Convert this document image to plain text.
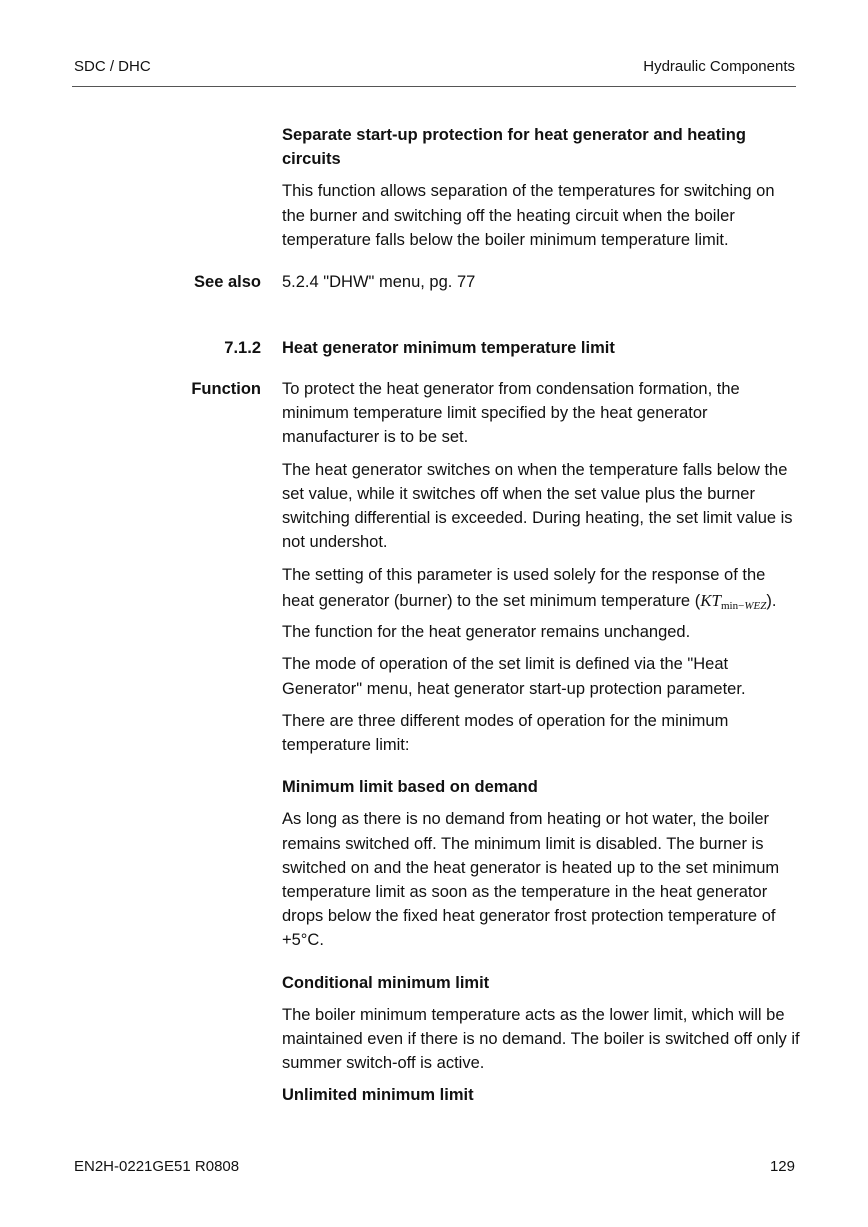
SDC / DHC	Hydraulic Components

Separate start-up protection for heat generator and heating circuits

This function allows separation of the temperatures for switching on the burner and switching off the heating circuit when the boiler temperature falls below the boiler minimum temperature limit.

See also 5.2.4 "DHW" menu, pg. 77
7.1.2 Heat generator minimum temperature limit
Function To protect the heat generator from condensation formation, the minimum temperature limit specified by the heat generator manufacturer is to be set.

The heat generator switches on when the temperature falls below the set value, while it switches off when the set value plus the burner switching differential is exceeded. During heating, the set limit value is not undershot.

The setting of this parameter is used solely for the response of the heat generator (burner) to the set minimum temperature $(KT_{min-WEZ})$. The function for the heat generator remains unchanged.

The mode of operation of the set limit is defined via the "Heat Generator" menu, heat generator start-up protection parameter.

There are three different modes of operation for the minimum temperature limit:

Minimum limit based on demand

As long as there is no demand from heating or hot water, the boiler remains switched off. The minimum limit is disabled. The burner is switched on and the heat generator is heated up to the set minimum temperature limit as soon as the temperature in the heat generator drops below the fixed heat generator frost protection temperature of +5°C.

Conditional minimum limit

The boiler minimum temperature acts as the lower limit, which will be maintained even if there is no demand. The boiler is switched off only if summer switch-off is active.

Unlimited minimum limit

EN2H-0221GE51 R0808	129
